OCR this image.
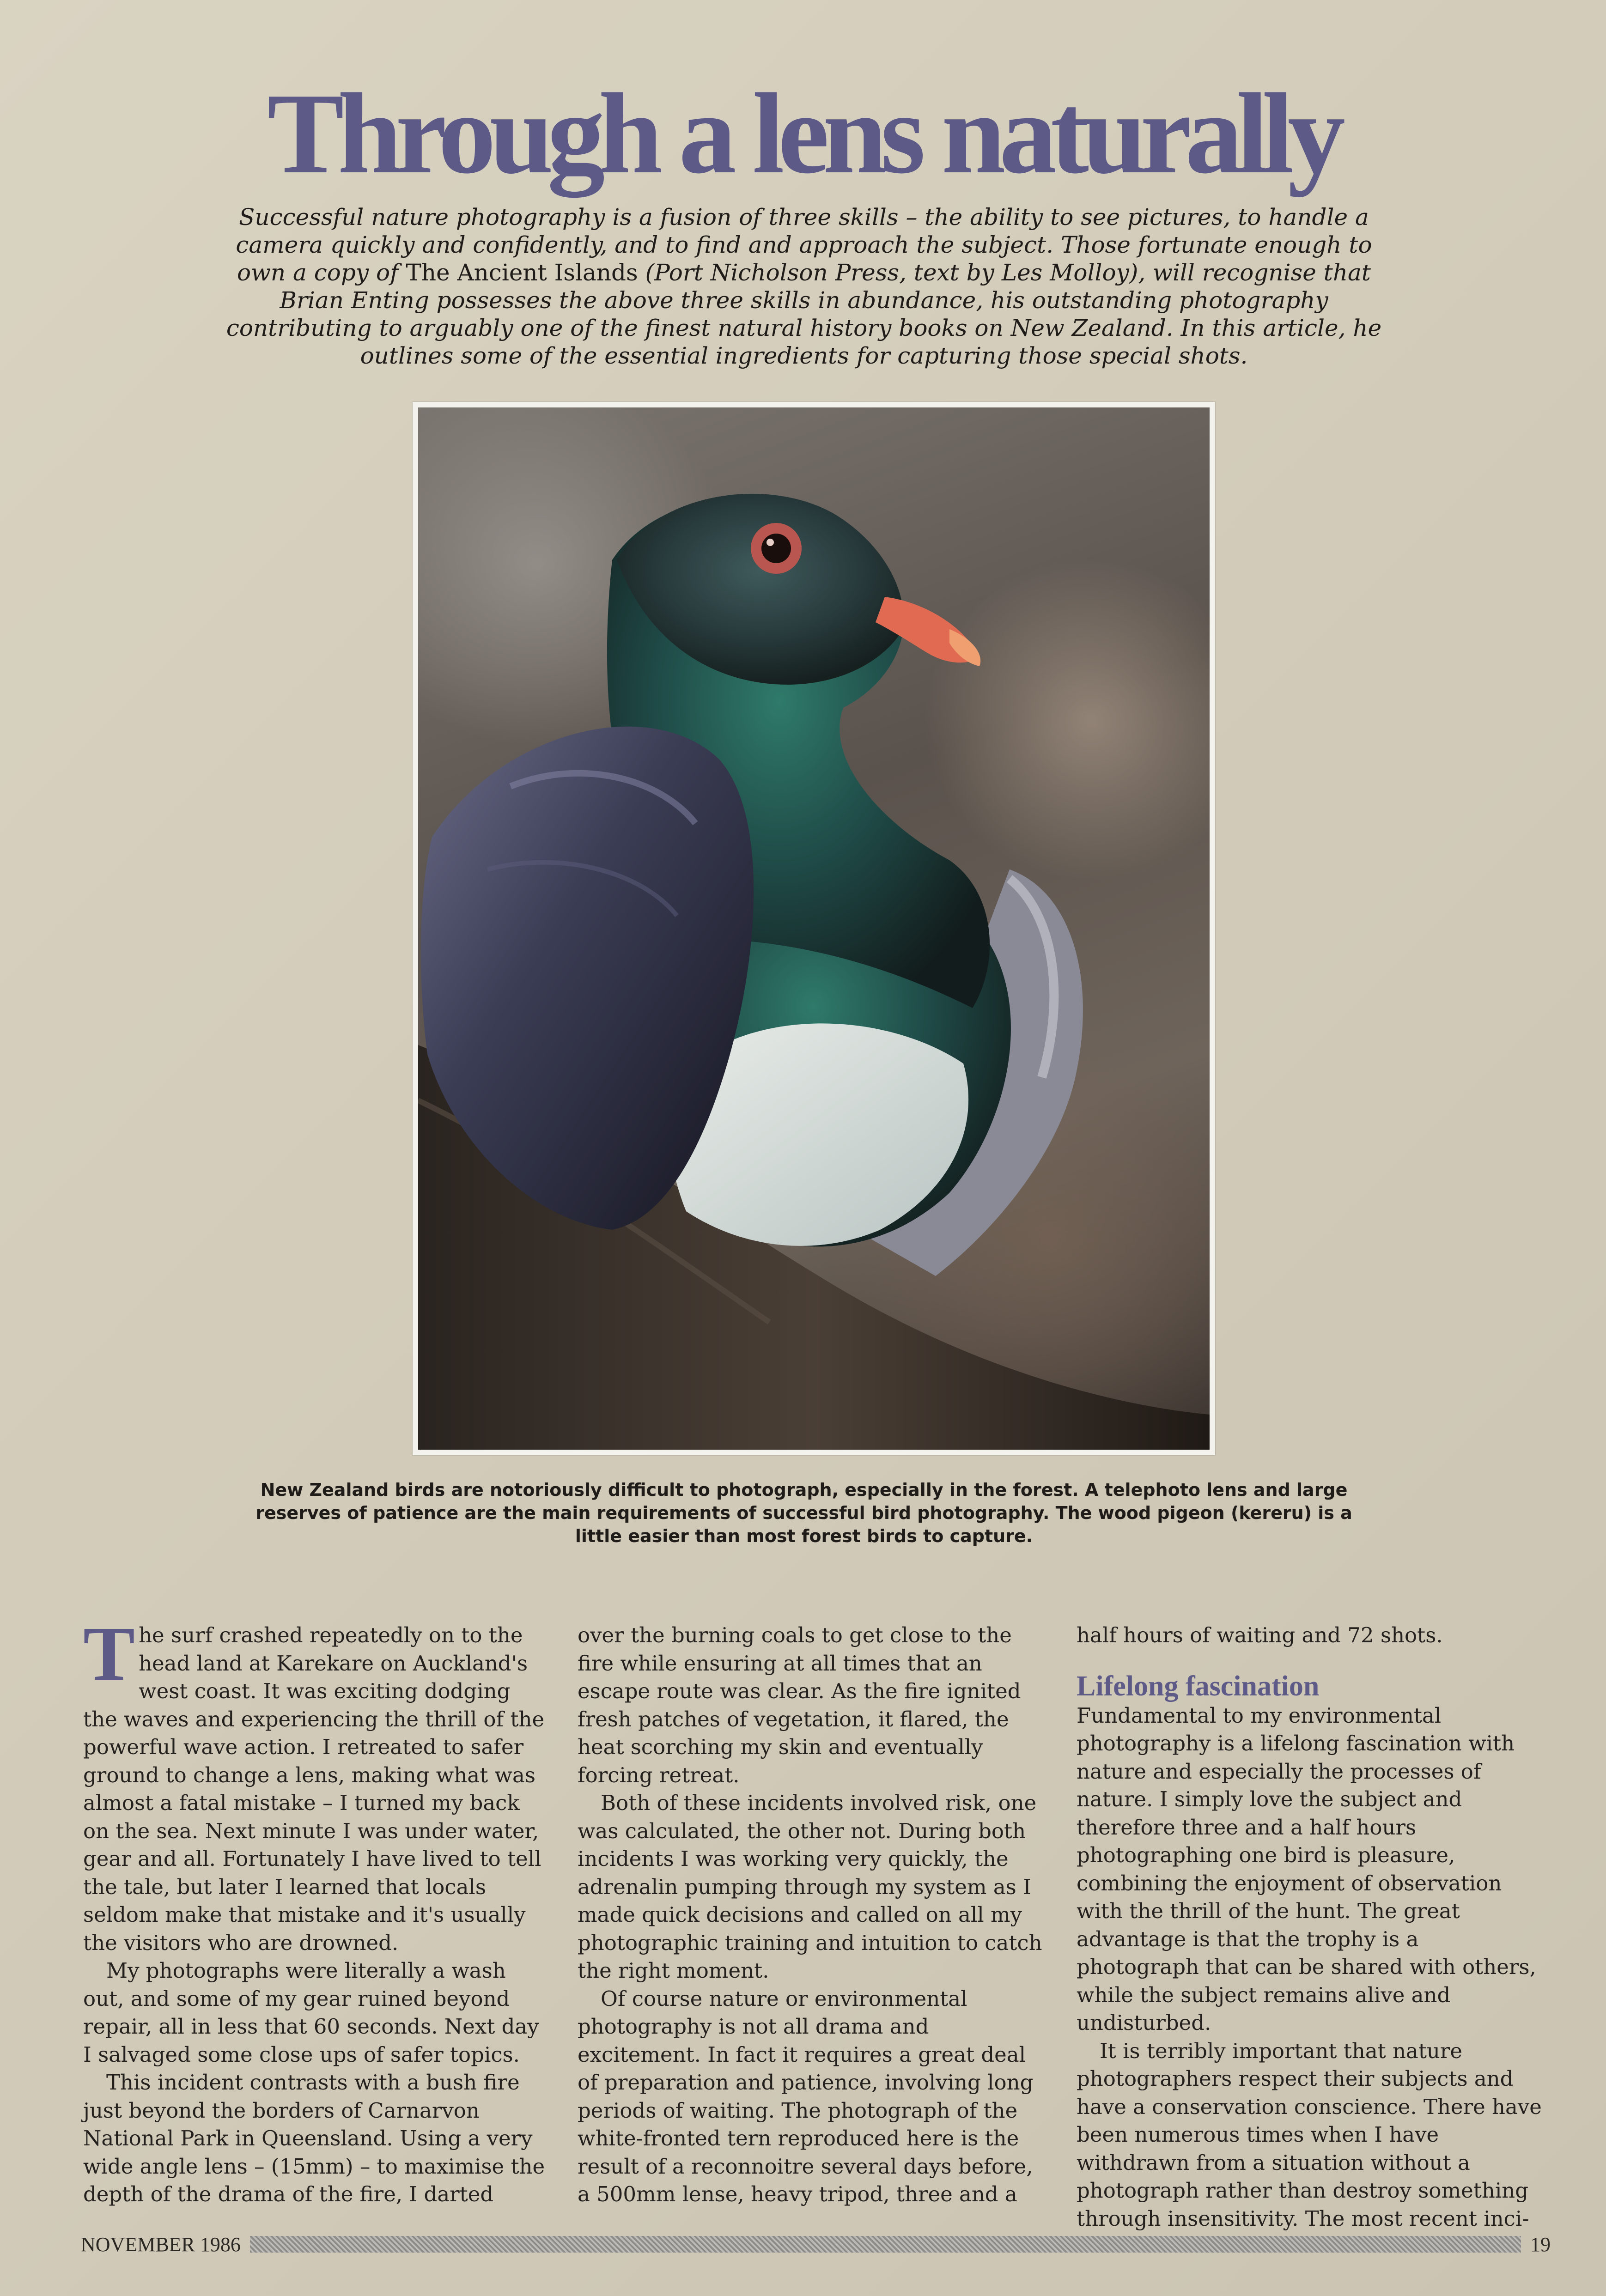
Through a lens naturally
Successful nature photography is a fusion of three skills – the ability to see pictures, to handle a camera quickly and confidently, and to find and approach the subject. Those fortunate enough to own a copy of The Ancient Islands (Port Nicholson Press, text by Les Molloy), will recognise that Brian Enting possesses the above three skills in abundance, his outstanding photography contributing to arguably one of the finest natural history books on New Zealand. In this article, he outlines some of the essential ingredients for capturing those special shots.
New Zealand birds are notoriously difficult to photograph, especially in the forest. A telephoto lens and large reserves of patience are the main requirements of successful bird photography. The wood pigeon (kereru) is a little easier than most forest birds to capture.

The surf crashed repeatedly on to the head land at Karekare on Auckland's west coast. It was exciting dodging the waves and experiencing the thrill of the powerful wave action. I retreated to safer ground to change a lens, making what was almost a fatal mistake – I turned my back on the sea. Next minute I was under water, gear and all. Fortunately I have lived to tell the tale, but later I learned that locals seldom make that mistake and it's usually the visitors who are drowned.

My photographs were literally a wash out, and some of my gear ruined beyond repair, all in less that 60 seconds. Next day I salvaged some close ups of safer topics.

This incident contrasts with a bush fire just beyond the borders of Carnarvon National Park in Queensland. Using a very wide angle lens – (15mm) – to maximise the depth of the drama of the fire, I darted

over the burning coals to get close to the fire while ensuring at all times that an escape route was clear. As the fire ignited fresh patches of vegetation, it flared, the heat scorching my skin and eventually forcing retreat.

Both of these incidents involved risk, one was calculated, the other not. During both incidents I was working very quickly, the adrenalin pumping through my system as I made quick decisions and called on all my photographic training and intuition to catch the right moment.

Of course nature or environmental photography is not all drama and excitement. In fact it requires a great deal of preparation and patience, involving long periods of waiting. The photograph of the white-fronted tern reproduced here is the result of a reconnoitre several days before, a 500mm lense, heavy tripod, three and a

half hours of waiting and 72 shots.

Lifelong fascination

Fundamental to my environmental photography is a lifelong fascination with nature and especially the processes of nature. I simply love the subject and therefore three and a half hours photographing one bird is pleasure, combining the enjoyment of observation with the thrill of the hunt. The great advantage is that the trophy is a photograph that can be shared with others, while the subject remains alive and undisturbed.

It is terribly important that nature photographers respect their subjects and have a conservation conscience. There have been numerous times when I have withdrawn from a situation without a photograph rather than destroy something through insensitivity. The most recent inci-

NOVEMBER 1986	19
